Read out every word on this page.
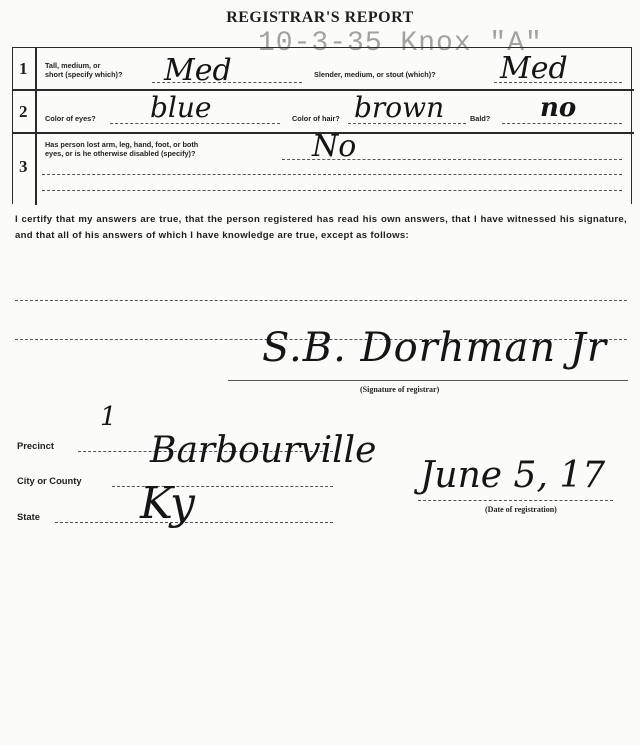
REGISTRAR'S REPORT
10-3-35 Knox "A"
1 Tall, medium, or
short (specify which)? Med	Slender, medium, or stout (which)? Med
2 Color of eyes? blue	Color of hair? brown	Bald? no
3
Has person lost arm, leg, hand, foot, or both
eyes, or is he otherwise disabled (specify)?	No
I certify that my answers are true, that the person registered has read his own answers, that I have witnessed his signature, and that all of his answers of which I have knowledge are true, except as follows:
S.B. Dorhman Jr
(Signature of registrar)
Precinct
1
City or County
Barbourville
State Ky
June 5, 17
(Date of registration)
